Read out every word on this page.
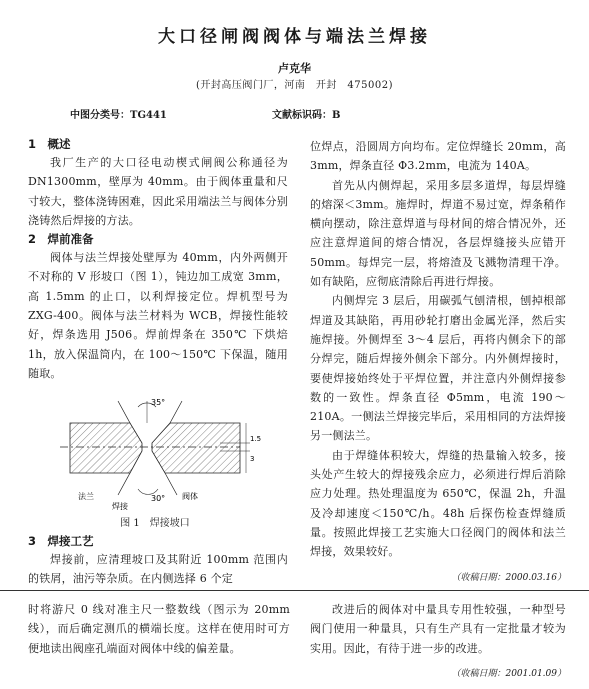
大口径闸阀阀体与端法兰焊接
卢克华
(开封高压阀门厂，河南　开封　475002)
中图分类号：TG441	文献标识码：B
1　概述

我厂生产的大口径电动楔式闸阀公称通径为 DN1300mm，壁厚为 40mm。由于阀体重量和尺寸较大，整体浇铸困难，因此采用端法兰与阀体分别浇铸然后焊接的方法。

2　焊前准备

阀体与法兰焊接处壁厚为 40mm，内外两侧开不对称的 V 形坡口（图 1），钝边加工成宽 3mm，高 1.5mm 的止口，以利焊接定位。焊机型号为 ZXG-400。阀体与法兰材料为 WCB，焊接性能较好，焊条选用 J506。焊前焊条在 350℃ 下烘焙 1h，放入保温筒内，在 100～150℃ 下保温，随用随取。

35°
30°
法兰
焊接
阀体
1.5
3
图 1　焊接坡口
3　焊接工艺

焊接前，应清理坡口及其附近 100mm 范围内的铁屑，油污等杂质。在内侧选择 6 个定

位焊点，沿圆周方向均布。定位焊缝长 20mm，高 3mm，焊条直径 Φ3.2mm，电流为 140A。

首先从内侧焊起，采用多层多道焊，每层焊缝的熔深＜3mm。施焊时，焊道不易过宽，焊条稍作横向摆动，除注意焊道与母材间的熔合情况外，还应注意焊道间的熔合情况，各层焊缝接头应错开 50mm。每焊完一层，将熔渣及飞溅物清理干净。如有缺陷，应彻底清除后再进行焊接。

内侧焊完 3 层后，用碳弧气刨清根，刨掉根部焊道及其缺陷，再用砂轮打磨出金属光泽，然后实施焊接。外侧焊至 3～4 层后，再将内侧余下的部分焊完，随后焊接外侧余下部分。内外侧焊接时，要使焊接始终处于平焊位置，并注意内外侧焊接参数的一致性。焊条直径 Φ5mm，电流 190～210A。一侧法兰焊接完毕后，采用相同的方法焊接另一侧法兰。

由于焊缝体积较大，焊缝的热量输入较多，接头处产生较大的焊接残余应力，必须进行焊后消除应力处理。热处理温度为 650℃，保温 2h，升温及冷却速度＜150℃/h。48h 后探伤检查焊缝质量。按照此焊接工艺实施大口径阀门的阀体和法兰焊接，效果较好。

（收稿日期：2000.03.16）

时将游尺 0 线对准主尺一整数线（图示为 20mm 线），而后确定测爪的横端长度。这样在使用时可方便地读出阀座孔端面对阀体中线的偏差量。

改进后的阀体对中量具专用性较强，一种型号阀门使用一种量具，只有生产具有一定批量才较为实用。因此，有待于进一步的改进。

（收稿日期：2001.01.09）
